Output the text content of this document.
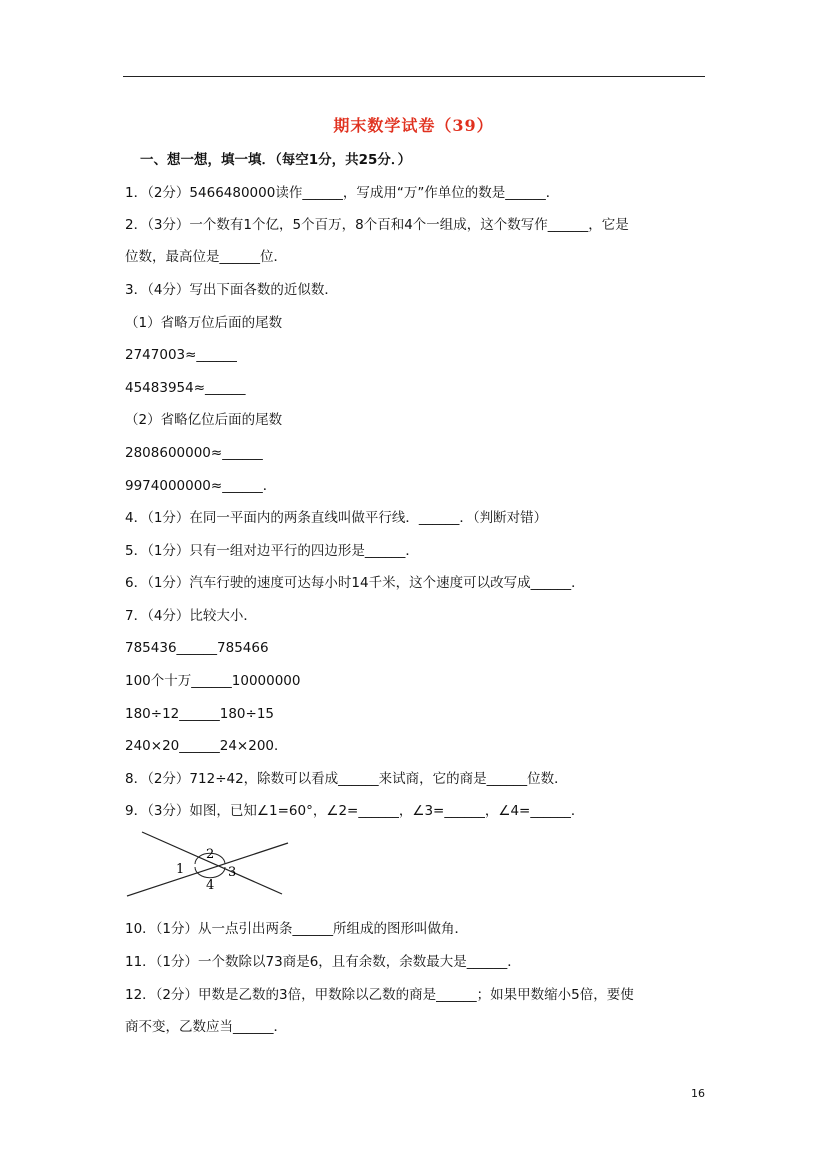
期末数学试卷（39）
一、想一想，填一填．（每空1分，共25分．）
1．（2分）5466480000读作______，写成用“万”作单位的数是______．
2．（3分）一个数有1个亿，5个百万，8个百和4个一组成，这个数写作______，它是
位数，最高位是______位．
3．（4分）写出下面各数的近似数．
（1）省略万位后面的尾数
2747003≈______
45483954≈______
（2）省略亿位后面的尾数
2808600000≈______
9974000000≈______．
4．（1分）在同一平面内的两条直线叫做平行线．______．（判断对错）
5．（1分）只有一组对边平行的四边形是______．
6．（1分）汽车行驶的速度可达每小时14千米，这个速度可以改写成______．
7．（4分）比较大小．
785436______785466
100个十万______10000000
180÷12______180÷15
240×20______24×200．
8．（2分）712÷42，除数可以看成______来试商，它的商是______位数．
9．（3分）如图，已知∠1=60°，∠2=______，∠3=______，∠4=______．
1
2
3
4
10．（1分）从一点引出两条______所组成的图形叫做角．
11．（1分）一个数除以73商是6，且有余数，余数最大是______．
12．（2分）甲数是乙数的3倍，甲数除以乙数的商是______；如果甲数缩小5倍，要使
商不变，乙数应当______．
16
